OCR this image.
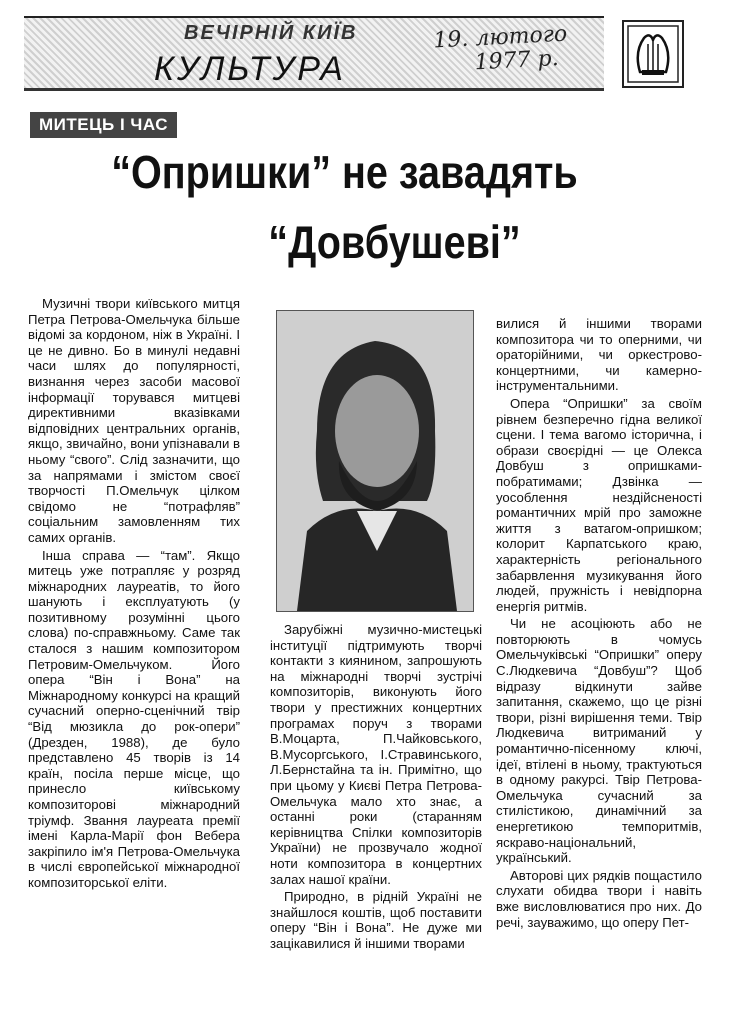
ВЕЧІРНІЙ КИЇВ
КУЛЬТУРА
19. лютого
1977 р.
МИТЕЦЬ І ЧАС
“Опришки” не завадять
“Довбушеві”

Музичні твори київського митця Петра Петрова-Омельчука більше відомі за кордоном, ніж в Україні. І це не дивно. Бо в минулі недавні часи шлях до популярності, визнання через засоби масової інформації торувався митцеві директивними вказівками відповідних центральних органів, якщо, звичайно, вони упізнавали в ньому “свого”. Слід зазначити, що за напрямами і змістом своєї творчості П.Омельчук цілком свідомо не “потрафляв” соціальним замовленням тих самих органів.

Інша справа — “там”. Якщо митець уже потрапляє у розряд міжнародних лауреатів, то його шанують і експлуатують (у позитивному розумінні цього слова) по-справжньому. Саме так сталося з нашим композитором Петровим-Омельчуком. Його опера “Він і Вона” на Міжнародному конкурсі на кращий сучасний оперно-сценічний твір “Від мюзикла до рок-опери” (Дрезден, 1988), де було представлено 45 творів із 14 країн, посіла перше місце, що принесло київському композиторові міжнародний тріумф. Звання лауреата премії імені Карла-Марії фон Вебера закріпило ім'я Петрова-Омельчука в числі європейської міжнародної композиторської еліти.

Зарубіжні музично-мистецькі інституції підтримують творчі контакти з киянином, запрошують на міжнародні творчі зустрічі композиторів, виконують його твори у престижних концертних програмах поруч з творами В.Моцарта, П.Чайковського, В.Мусоргського, І.Стравинського, Л.Бернстайна та ін. Примітно, що при цьому у Києві Петра Петрова-Омельчука мало хто знає, а останні роки (старанням керівництва Спілки композиторів України) не прозвучало жодної ноти композитора в концертних залах нашої країни.

Природно, в рідній Україні не знайшлося коштів, щоб поставити оперу “Він і Вона”. Не дуже ми зацікавилися й іншими творами

вилися й іншими творами композитора чи то оперними, чи ораторійними, чи оркестрово-концертними, чи камерно-інструментальними.

Опера “Опришки” за своїм рівнем безперечно гідна великої сцени. І тема вагомо історична, і образи своєрідні — це Олекса Довбуш з опришками-побратимами; Дзвінка — уособлення нездійсненості романтичних мрій про заможне життя з ватагом-опришком; колорит Карпатського краю, характерність регіонального забарвлення музикування його людей, пружність і невідпорна енергія ритмів.

Чи не асоціюють або не повторюють в чомусь Омельчуківські “Опришки” оперу С.Людкевича “Довбуш”? Щоб відразу відкинути зайве запитання, скажемо, що це різні твори, різні вирішення теми. Твір Людкевича витриманий у романтично-пісенному ключі, ідеї, втілені в ньому, трактуються в одному ракурсі. Твір Петрова-Омельчука сучасний за стилістикою, динамічний за енергетикою темпоритмів, яскраво-національний, український.

Авторові цих рядків пощастило слухати обидва твори і навіть вже висловлюватися про них. До речі, зауважимо, що оперу Пет-
